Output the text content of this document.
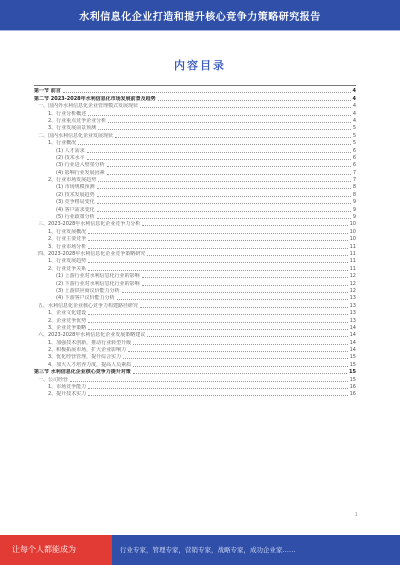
水利信息化企业打造和提升核心竞争力策略研究报告
内容目录
第一节 前言	4
第二节 2023-2028年水利信息化市场发展前景及趋势	4
一、国内外水利信息化企业管理模式发展现状	4
1、行业分析概述	4
2、行业重点竞争企业分析	4
3、行业发展前景预测	5
二、国内水利信息化企业发展现状	5
1、行业概况	5
(1) 人才需求	6
(2) 技术水平	6
(3) 行业进入壁垒分析	6
(4) 影响行业发展因素	7
2、行业市场发展趋势	7
(1) 市场规模预测	8
(2) 技术发展趋势	8
(3) 竞争格局变化	9
(4) 客户需求变化	9
(5) 行业政策分析	9
三、2023-2028年水利信息化企业竞争力分析	10
1、行业发展概况	10
2、行业主要竞争	10
3、行业市场分析	11
四、2023-2028年水利信息化企业竞争策略研究	11
1、行业发展趋势	11
2、行业竞争关系	11
(1) 上游行业对水利信息化行业的影响	12
(2) 下游行业对水利信息化行业的影响	12
(3) 上游供应商议价能力分析	12
(4) 下游客户议价能力分析	13
五、水利信息化企业核心竞争力构建路径研究	13
1、企业文化建设	13
2、企业竞争优势	13
3、企业竞争策略	14
六、2023-2028年水利信息化企业发展策略建议	14
1、加强技术创新，推动行业转型升级	14
2、积极拓展市场，扩大企业影响力	14
3、优化经营管理，提升综合实力	15
4、加大人才培养力度，提高人员素质	15
第三节 水利信息化企业核心竞争力提升对策	15
一、公司经营	15
1、市场竞争能力	16
2、提升技术实力	16
1
让每个人都能成为	行业专家，管理专家，营销专家，战略专家，成功企业家……
